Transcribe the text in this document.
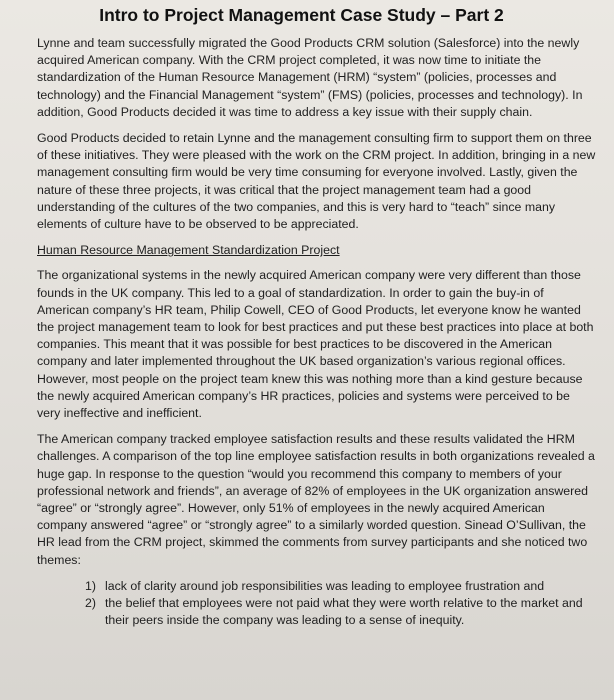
Intro to Project Management Case Study – Part 2

Lynne and team successfully migrated the Good Products CRM solution (Salesforce) into the newly acquired American company. With the CRM project completed, it was now time to initiate the standardization of the Human Resource Management (HRM) “system” (policies, processes and technology) and the Financial Management “system” (FMS) (policies, processes and technology). In addition, Good Products decided it was time to address a key issue with their supply chain.

Good Products decided to retain Lynne and the management consulting firm to support them on three of these initiatives. They were pleased with the work on the CRM project. In addition, bringing in a new management consulting firm would be very time consuming for everyone involved. Lastly, given the nature of these three projects, it was critical that the project management team had a good understanding of the cultures of the two companies, and this is very hard to “teach” since many elements of culture have to be observed to be appreciated.

Human Resource Management Standardization Project

The organizational systems in the newly acquired American company were very different than those founds in the UK company. This led to a goal of standardization. In order to gain the buy-in of American company’s HR team, Philip Cowell, CEO of Good Products, let everyone know he wanted the project management team to look for best practices and put these best practices into place at both companies. This meant that it was possible for best practices to be discovered in the American company and later implemented throughout the UK based organization’s various regional offices. However, most people on the project team knew this was nothing more than a kind gesture because the newly acquired American company’s HR practices, policies and systems were perceived to be very ineffective and inefficient.

The American company tracked employee satisfaction results and these results validated the HRM challenges. A comparison of the top line employee satisfaction results in both organizations revealed a huge gap. In response to the question “would you recommend this company to members of your professional network and friends”, an average of 82% of employees in the UK organization answered “agree” or “strongly agree”. However, only 51% of employees in the newly acquired American company answered “agree” or “strongly agree” to a similarly worded question. Sinead O’Sullivan, the HR lead from the CRM project, skimmed the comments from survey participants and she noticed two themes:

1) lack of clarity around job responsibilities was leading to employee frustration and
2) the belief that employees were not paid what they were worth relative to the market and their peers inside the company was leading to a sense of inequity.
